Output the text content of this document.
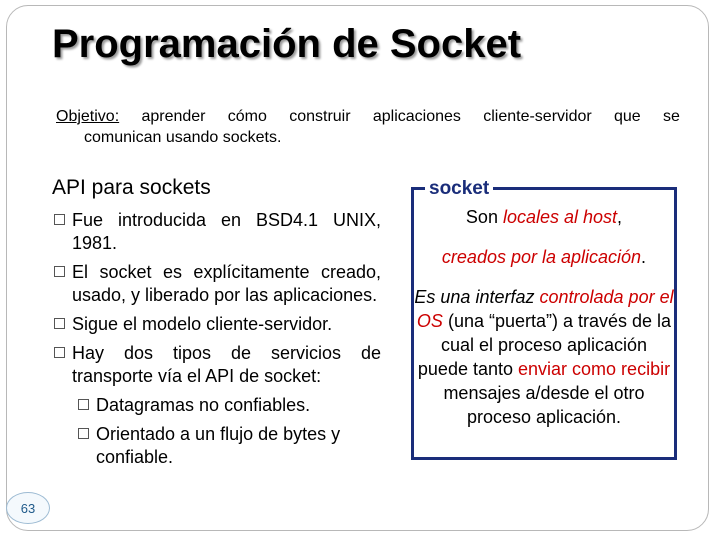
Programación de Socket
Objetivo: aprender cómo construir aplicaciones cliente-servidor que se
comunican usando sockets.
API para sockets
Fue introducida en BSD4.1 UNIX, 1981.
El socket es explícitamente creado, usado, y liberado por las aplicaciones.
Sigue el modelo cliente-servidor.
Hay dos tipos de servicios de transporte vía el API de socket:
Datagramas no confiables.
Orientado a un flujo de bytes y confiable.
socket

Son locales al host,

creados por la aplicación.

Es una interfaz controlada por el OS (una “puerta”) a través de la cual el proceso aplicación puede tanto enviar como recibir mensajes a/desde el otro proceso aplicación.

63
